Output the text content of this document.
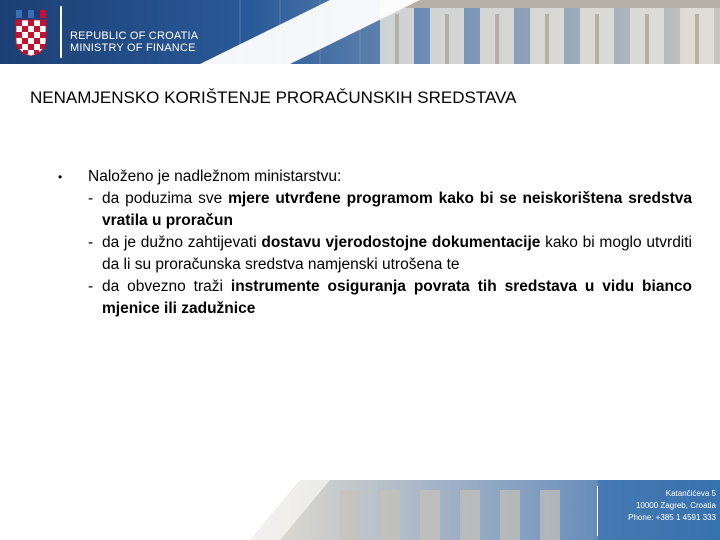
REPUBLIC OF CROATIA
MINISTRY OF FINANCE
NENAMJENSKO KORIŠTENJE PRORAČUNSKIH SREDSTAVA
•	Naloženo je nadležnom ministarstvu:
- da poduzima sve mjere utvrđene programom kako bi se neiskorištena sredstva vratila u proračun
- da je dužno zahtijevati dostavu vjerodostojne dokumentacije kako bi moglo utvrditi da li su proračunska sredstva namjenski utrošena te
- da obvezno traži instrumente osiguranja povrata tih sredstava u vidu bianco mjenice ili zadužnice
Katančićeva 5
10000 Zagreb, Croatia
Phone: +385 1 4591 333
